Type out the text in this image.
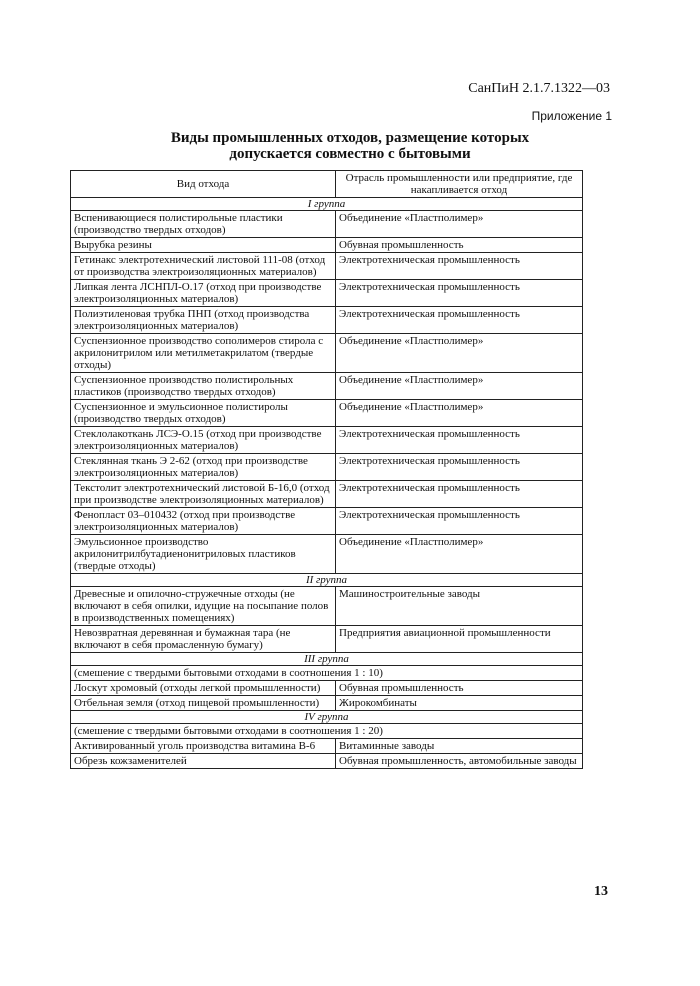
СанПиН 2.1.7.1322—03
Приложение 1
Виды промышленных отходов, размещение которых
допускается совместно с бытовыми
Вид отхода	Отрасль промышленности или предприятие, где накапливается отход
I группа	
Вспенивающиеся полистирольные пластики (производство твердых отходов)	Объединение «Пластполимер»
Вырубка резины	Обувная промышленность
Гетинакс электротехнический листовой 111-08 (отход от производства электроизоляционных материалов)	Электротехническая промышленность
Липкая лента ЛСНПЛ-О.17 (отход при производстве электроизоляционных материалов)	Электротехническая промышленность
Полиэтиленовая трубка ПНП (отход производства электроизоляционных материалов)	Электротехническая промышленность
Суспензионное производство сополимеров стирола с акрилонитрилом или метилметакрилатом (твердые отходы)	Объединение «Пластполимер»
Суспензионное производство полистирольных пластиков (производство твердых отходов)	Объединение «Пластполимер»
Суспензионное и эмульсионное полистиролы (производство твердых отходов)	Объединение «Пластполимер»
Стеклолакоткань ЛСЭ-О.15 (отход при производстве электроизоляционных материалов)	Электротехническая промышленность
Стеклянная ткань Э 2-62 (отход при производстве электроизоляционных материалов)	Электротехническая промышленность
Текстолит электротехнический листовой Б-16,0 (отход при производстве электроизоляционных материалов)	Электротехническая промышленность
Фенопласт 03–010432 (отход при производстве электроизоляционных материалов)	Электротехническая промышленность
Эмульсионное производство акрилонитрилбутадиенонитриловых пластиков (твердые отходы)	Объединение «Пластполимер»
II группа	
Древесные и опилочно-стружечные отходы (не включают в себя опилки, идущие на посыпание полов в производственных помещениях)	Машиностроительные заводы
Невозвратная деревянная и бумажная тара (не включают в себя промасленную бумагу)	Предприятия авиационной промышленности
III группа	
(смешение с твердыми бытовыми отходами в соотношения 1 : 10)	
Лоскут хромовый (отходы легкой промышленности)	Обувная промышленность
Отбельная земля (отход пищевой промышленности)	Жирокомбинаты
IV группа	
(смешение с твердыми бытовыми отходами в соотношения 1 : 20)	
Активированный уголь производства витамина В-6	Витаминные заводы
Обрезь кожзаменителей	Обувная промышленность, автомобильные заводы
13
